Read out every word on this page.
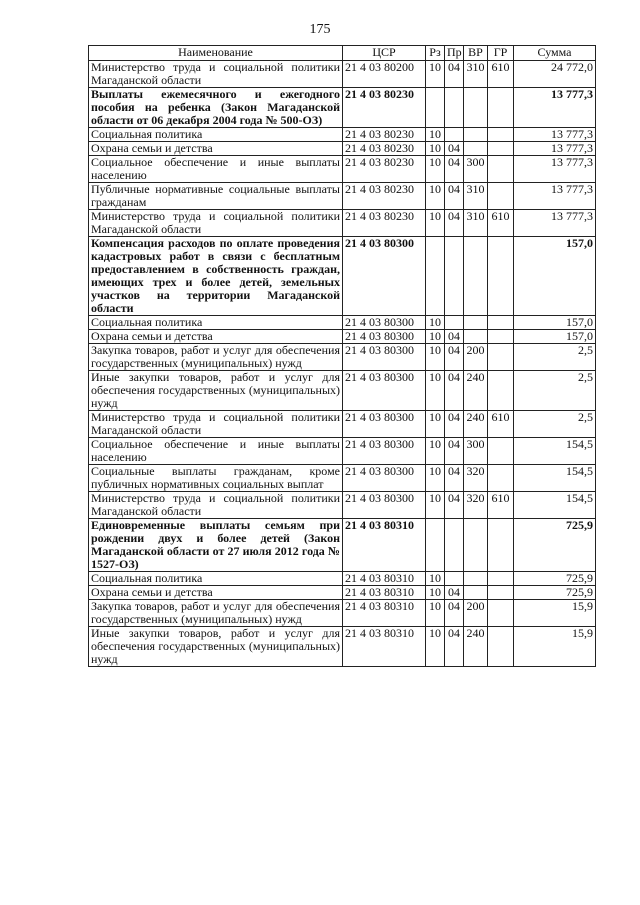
175
Наименование	ЦСР	Рз	Пр	ВР	ГР	Сумма
Министерство труда и социальной политики Магаданской области	21 4 03 80200	10	04	310	610	24 772,0
Выплаты ежемесячного и ежегодного пособия на ребенка (Закон Магаданской области от 06 декабря 2004 года № 500-ОЗ)	21 4 03 80230					13 777,3
Социальная политика	21 4 03 80230	10				13 777,3
Охрана семьи и детства	21 4 03 80230	10	04			13 777,3
Социальное обеспечение и иные выплаты населению	21 4 03 80230	10	04	300		13 777,3
Публичные нормативные социальные выплаты гражданам	21 4 03 80230	10	04	310		13 777,3
Министерство труда и социальной политики Магаданской области	21 4 03 80230	10	04	310	610	13 777,3
Компенсация расходов по оплате проведения кадастровых работ в связи с бесплатным предоставлением в собственность граждан, имеющих трех и более детей, земельных участков на территории Магаданской области	21 4 03 80300					157,0
Социальная политика	21 4 03 80300	10				157,0
Охрана семьи и детства	21 4 03 80300	10	04			157,0
Закупка товаров, работ и услуг для обеспечения государственных (муниципальных) нужд	21 4 03 80300	10	04	200		2,5
Иные закупки товаров, работ и услуг для обеспечения государственных (муниципальных) нужд	21 4 03 80300	10	04	240		2,5
Министерство труда и социальной политики Магаданской области	21 4 03 80300	10	04	240	610	2,5
Социальное обеспечение и иные выплаты населению	21 4 03 80300	10	04	300		154,5
Социальные выплаты гражданам, кроме публичных нормативных социальных выплат	21 4 03 80300	10	04	320		154,5
Министерство труда и социальной политики Магаданской области	21 4 03 80300	10	04	320	610	154,5
Единовременные выплаты семьям при рождении двух и более детей (Закон Магаданской области от 27 июля 2012 года № 1527-ОЗ)	21 4 03 80310					725,9
Социальная политика	21 4 03 80310	10				725,9
Охрана семьи и детства	21 4 03 80310	10	04			725,9
Закупка товаров, работ и услуг для обеспечения государственных (муниципальных) нужд	21 4 03 80310	10	04	200		15,9
Иные закупки товаров, работ и услуг для обеспечения государственных (муниципальных) нужд	21 4 03 80310	10	04	240		15,9
